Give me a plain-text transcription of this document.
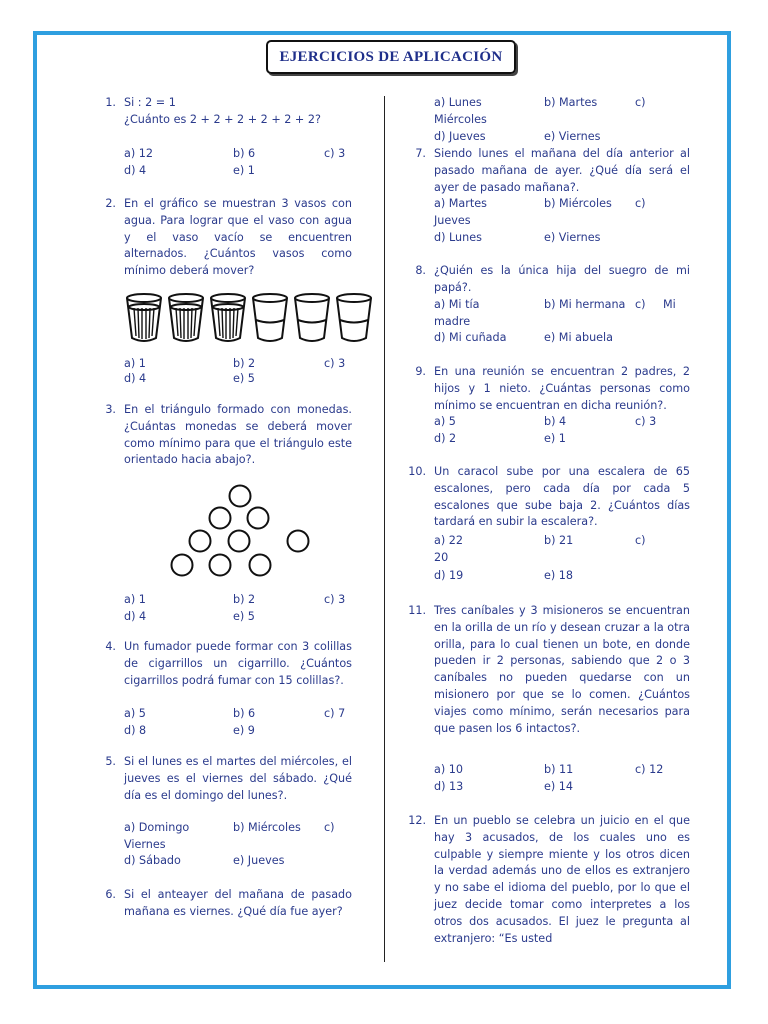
EJERCICIOS DE APLICACIÓN
1. Si : 2 = 1
¿Cuánto es 2 + 2 + 2 + 2 + 2 + 2?
a) 12	b) 6	c) 3
d) 4	e) 1
2. En el gráfico se muestran 3 vasos con agua. Para lograr que el vaso con agua y el vaso vacío se encuentren alternados. ¿Cuántos vasos como mínimo deberá mover?
a) 1	b) 2	c) 3
d) 4	e) 5
3. En el triángulo formado con monedas. ¿Cuántas monedas se deberá mover como mínimo para que el triángulo este orientado hacia abajo?.
a) 1	b) 2	c) 3
d) 4	e) 5
4. Un fumador puede formar con 3 colillas de cigarrillos un cigarrillo. ¿Cuántos cigarrillos podrá fumar con 15 colillas?.
a) 5	b) 6	c) 7
d) 8	e) 9
5. Si el lunes es el martes del miércoles, el jueves es el viernes del sábado. ¿Qué día es el domingo del lunes?.
a) Domingo	b) Miércoles c)
Viernes
d) Sábado	e) Jueves
6. Si el anteayer del mañana de pasado mañana es viernes. ¿Qué día fue ayer?
a) Lunes	b) Martes	c)
Miércoles
d) Jueves	e) Viernes
7. Siendo lunes el mañana del día anterior al pasado mañana de ayer. ¿Qué día será el ayer de pasado mañana?.
a) Martes	b) Miércoles c)
Jueves
d) Lunes	e) Viernes
8. ¿Quién es la única hija del suegro de mi papá?.
a) Mi tía	b) Mi hermana c) Mi
madre
d) Mi cuñada	e) Mi abuela
9. En una reunión se encuentran 2 padres, 2 hijos y 1 nieto. ¿Cuántas personas como mínimo se encuentran en dicha reunión?.
a) 5	b) 4	c) 3
d) 2	e) 1
10. Un caracol sube por una escalera de 65 escalones, pero cada día por cada 5 escalones que sube baja 2. ¿Cuántos días tardará en subir la escalera?.
a) 22	b) 21	c)
20
d) 19	e) 18
11. Tres caníbales y 3 misioneros se encuentran en la orilla de un río y desean cruzar a la otra orilla, para lo cual tienen un bote, en donde pueden ir 2 personas, sabiendo que 2 o 3 caníbales no pueden quedarse con un misionero por que se lo comen. ¿Cuántos viajes como mínimo, serán necesarios para que pasen los 6 intactos?.
a) 10	b) 11	c) 12
d) 13	e) 14
12. En un pueblo se celebra un juicio en el que hay 3 acusados, de los cuales uno es culpable y siempre miente y los otros dicen la verdad además uno de ellos es extranjero y no sabe el idioma del pueblo, por lo que el juez decide tomar como interpretes a los otros dos acusados. El juez le pregunta al extranjero: “Es usted
